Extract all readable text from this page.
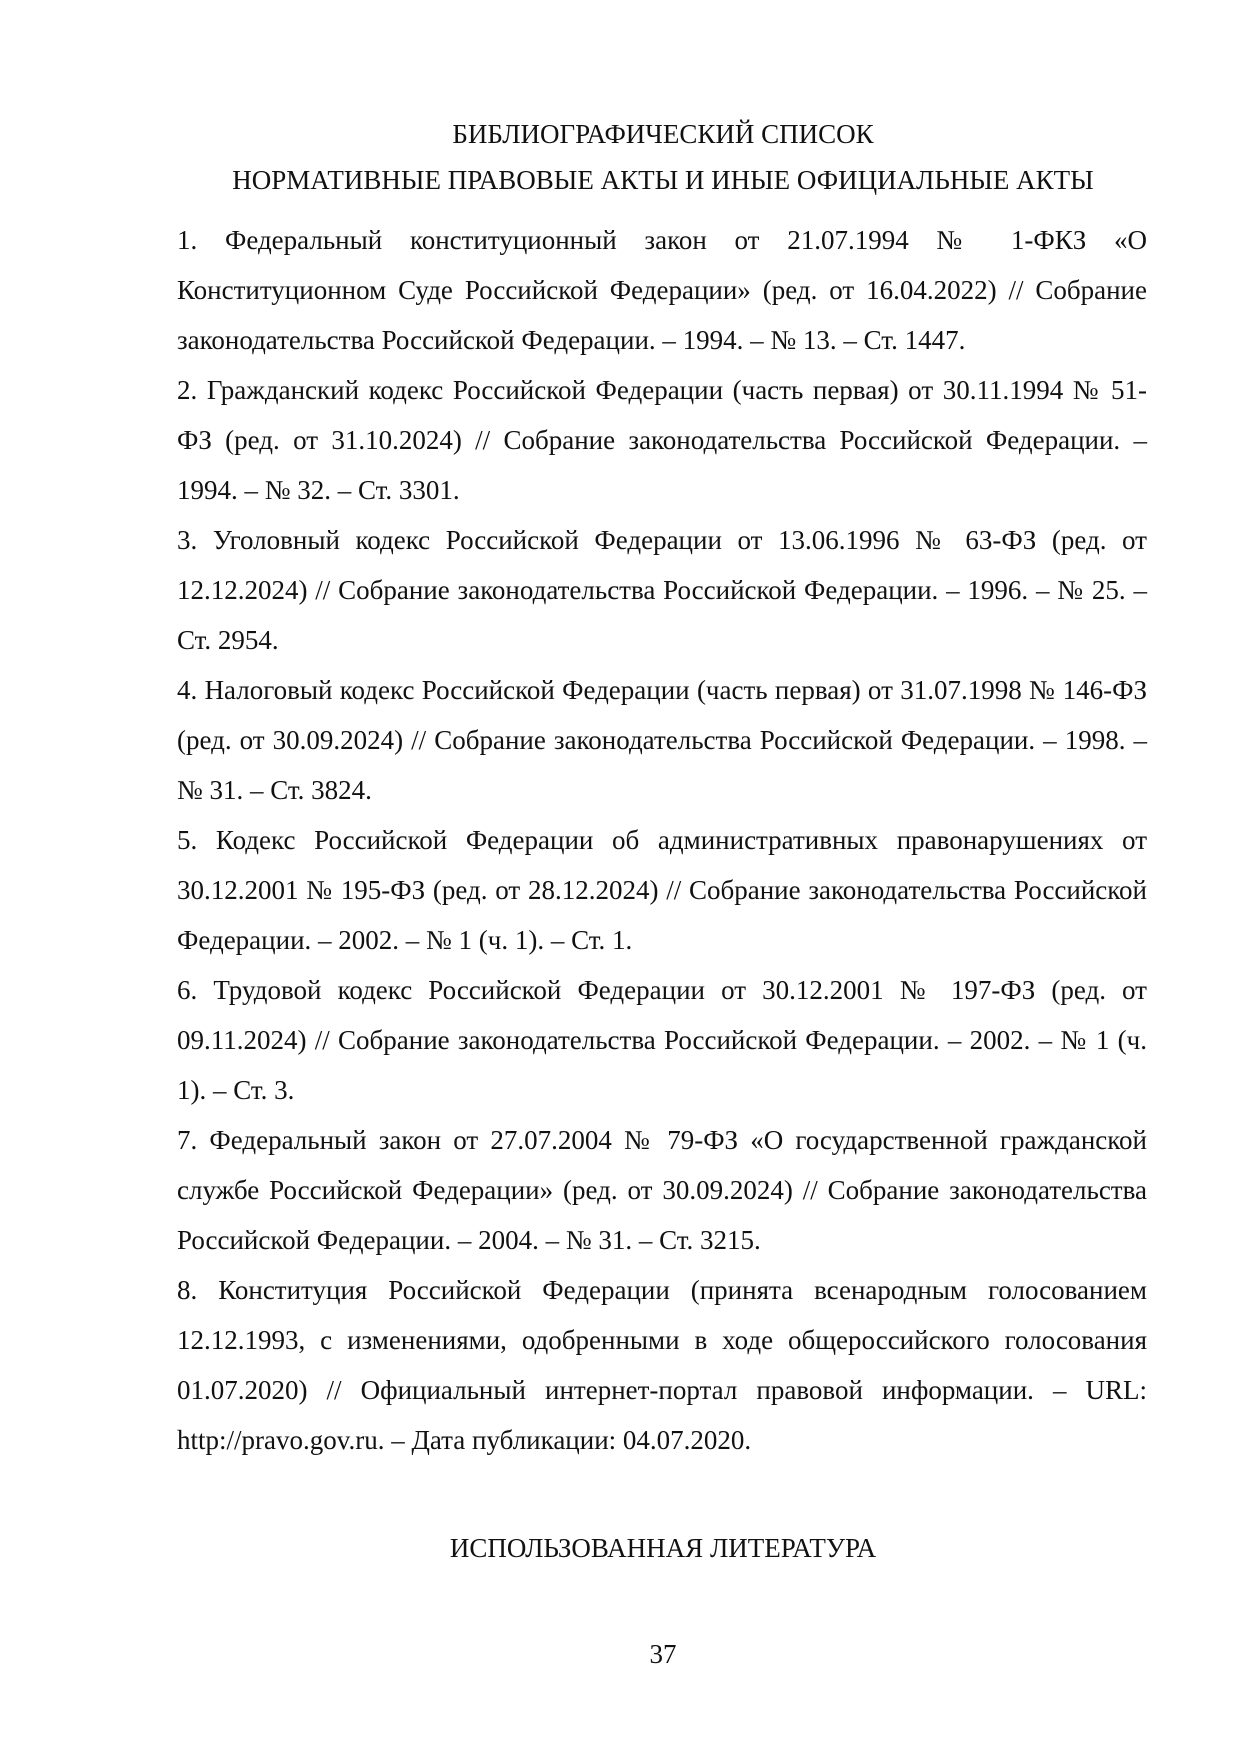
БИБЛИОГРАФИЧЕСКИЙ СПИСОК
НОРМАТИВНЫЕ ПРАВОВЫЕ АКТЫ И ИНЫЕ ОФИЦИАЛЬНЫЕ АКТЫ

1. Федеральный конституционный закон от 21.07.1994 № 1-ФКЗ «О Конституционном Суде Российской Федерации» (ред. от 16.04.2022) // Собрание законодательства Российской Федерации. – 1994. – № 13. – Ст. 1447.

2. Гражданский кодекс Российской Федерации (часть первая) от 30.11.1994 № 51-ФЗ (ред. от 31.10.2024) // Собрание законодательства Российской Федерации. – 1994. – № 32. – Ст. 3301.

3. Уголовный кодекс Российской Федерации от 13.06.1996 № 63-ФЗ (ред. от 12.12.2024) // Собрание законодательства Российской Федерации. – 1996. – № 25. – Ст. 2954.

4. Налоговый кодекс Российской Федерации (часть первая) от 31.07.1998 № 146-ФЗ (ред. от 30.09.2024) // Собрание законодательства Российской Федерации. – 1998. – № 31. – Ст. 3824.

5. Кодекс Российской Федерации об административных правонарушениях от 30.12.2001 № 195-ФЗ (ред. от 28.12.2024) // Собрание законодательства Российской Федерации. – 2002. – № 1 (ч. 1). – Ст. 1.

6. Трудовой кодекс Российской Федерации от 30.12.2001 № 197-ФЗ (ред. от 09.11.2024) // Собрание законодательства Российской Федерации. – 2002. – № 1 (ч. 1). – Ст. 3.

7. Федеральный закон от 27.07.2004 № 79-ФЗ «О государственной гражданской службе Российской Федерации» (ред. от 30.09.2024) // Собрание законодательства Российской Федерации. – 2004. – № 31. – Ст. 3215.

8. Конституция Российской Федерации (принята всенародным голосованием 12.12.1993, с изменениями, одобренными в ходе общероссийского голосования 01.07.2020) // Официальный интернет-портал правовой информации. – URL: http://pravo.gov.ru. – Дата публикации: 04.07.2020.

ИСПОЛЬЗОВАННАЯ ЛИТЕРАТУРА
37
